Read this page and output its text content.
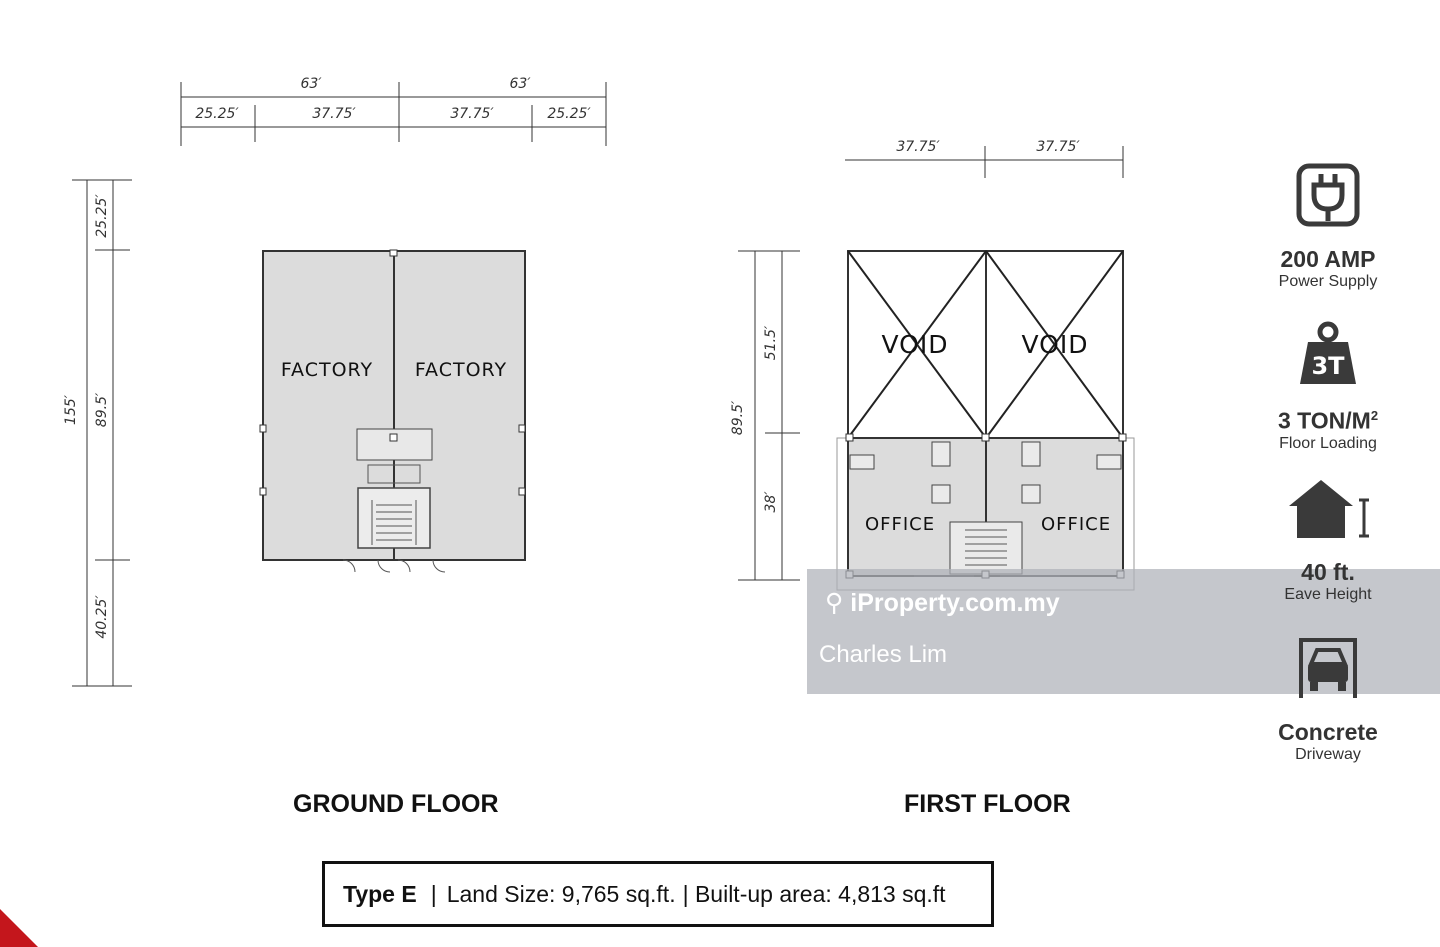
63′	63′
25.25′	37.75′	37.75′	25.25′
155′
25.25′
89.5′
40.25′
37.75′	37.75′
89.5′
51.5′
38′
FACTORY FACTORY
VOID	VOID
OFFICE	OFFICE
⚲ iProperty.com.my
Charles Lim
GROUND FLOOR	FIRST FLOOR
200 AMP
Power Supply
3T
3 TON/$M^2$
Floor Loading
40 ft.
Eave Height
Concrete
Driveway
Type E | Land Size: 9,765 sq.ft. | Built-up area: 4,813 sq.ft
